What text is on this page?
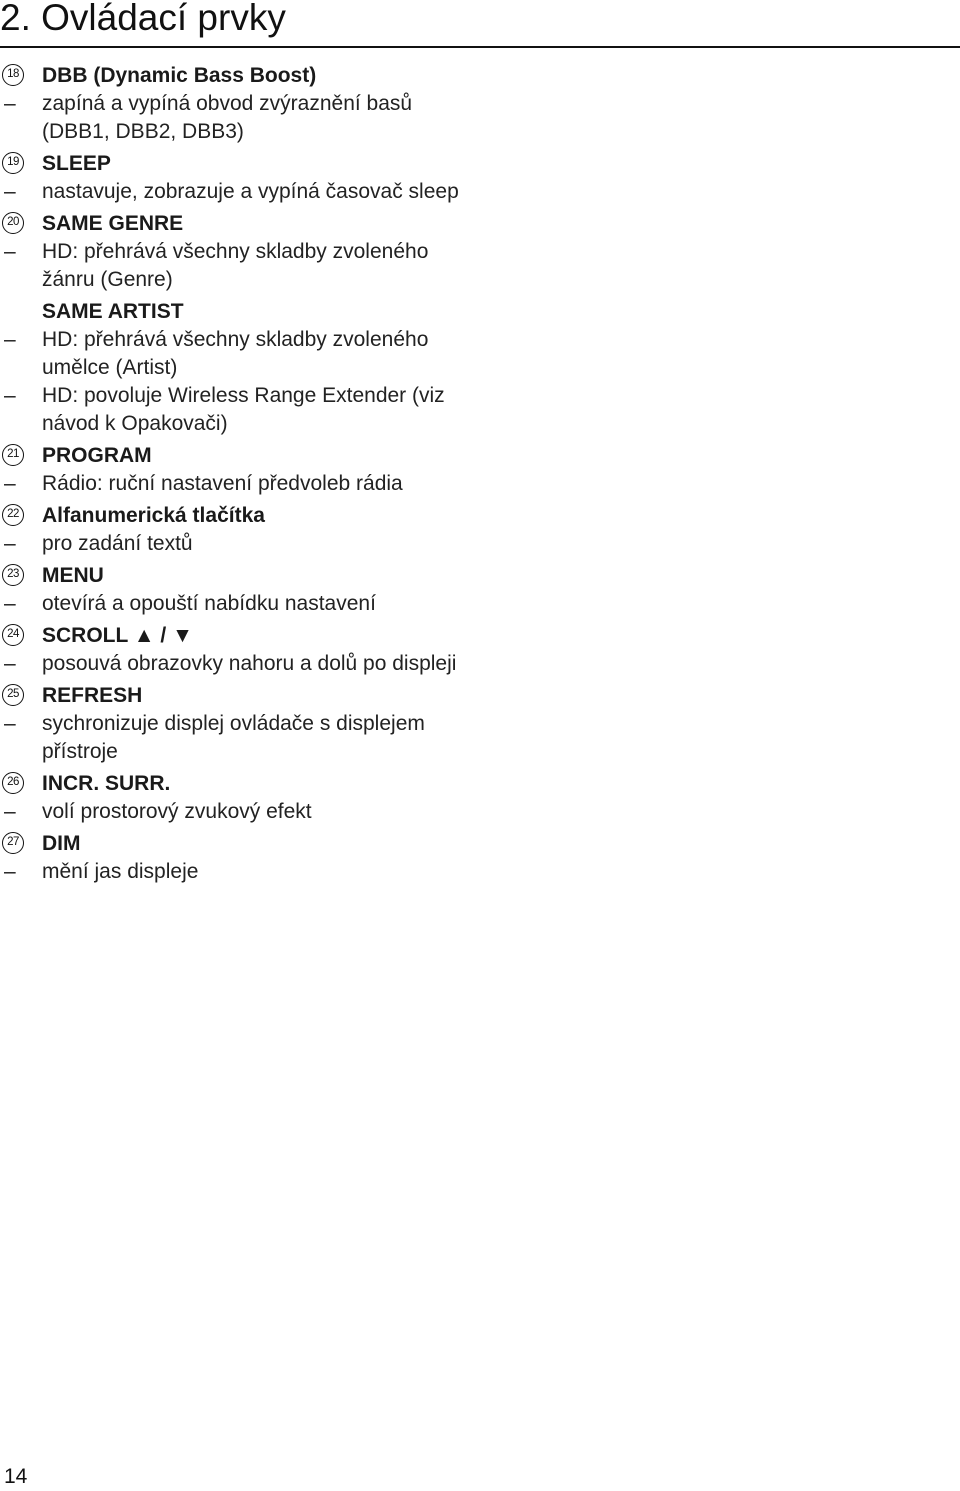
2. Ovládací prvky
18 DBB (Dynamic Bass Boost)
– zapíná a vypíná obvod zvýraznění basů (DBB1, DBB2, DBB3)
19 SLEEP
– nastavuje, zobrazuje a vypíná časovač sleep
20 SAME GENRE
– HD: přehrává všechny skladby zvoleného žánru (Genre)
SAME ARTIST
– HD: přehrává všechny skladby zvoleného umělce (Artist)
– HD: povoluje Wireless Range Extender (viz návod k Opakovači)
21 PROGRAM
– Rádio: ruční nastavení předvoleb rádia
22 Alfanumerická tlačítka
– pro zadání textů
23 MENU
– otevírá a opouští nabídku nastavení
24 SCROLL ▲ / ▼
– posouvá obrazovky nahoru a dolů po displeji
25 REFRESH
– sychronizuje displej ovládače s displejem přístroje
26 INCR. SURR.
– volí prostorový zvukový efekt
27 DIM
– mění jas displeje
14
